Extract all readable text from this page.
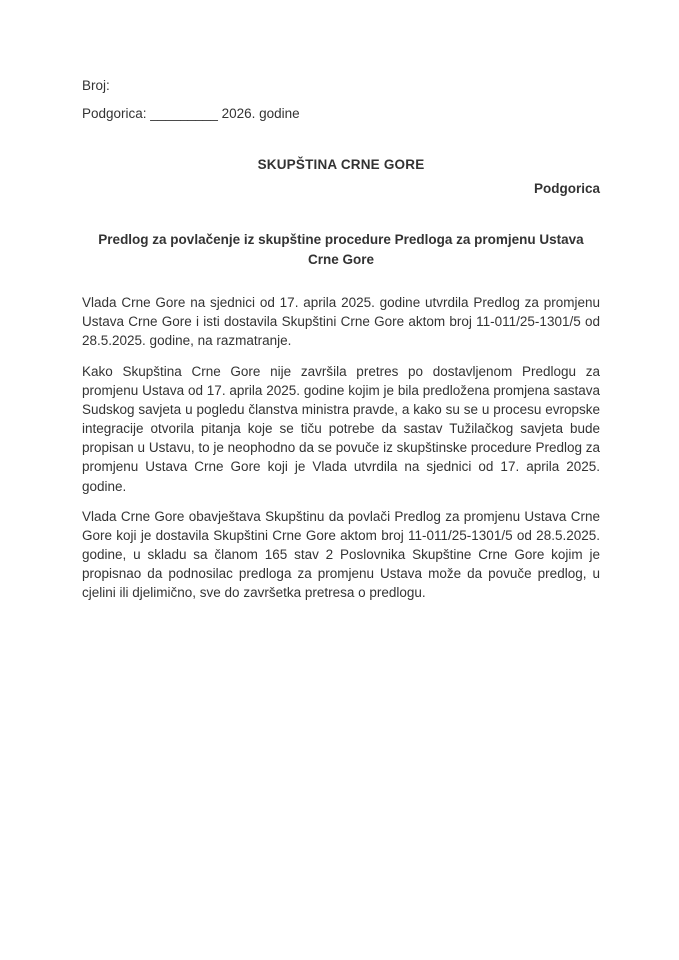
Broj:
Podgorica: _________ 2026. godine
SKUPŠTINA CRNE GORE
Podgorica
Predlog za povlačenje iz skupštine procedure Predloga za promjenu Ustava Crne Gore

Vlada Crne Gore na sjednici od 17. aprila 2025. godine utvrdila Predlog za promjenu Ustava Crne Gore i isti dostavila Skupštini Crne Gore aktom broj 11-011/25-1301/5 od 28.5.2025. godine, na razmatranje.

Kako Skupština Crne Gore nije završila pretres po dostavljenom Predlogu za promjenu Ustava od 17. aprila 2025. godine kojim je bila predložena promjena sastava Sudskog savjeta u pogledu članstva ministra pravde, a kako su se u procesu evropske integracije otvorila pitanja koje se tiču potrebe da sastav Tužilačkog savjeta bude propisan u Ustavu, to je neophodno da se povuče iz skupštinske procedure Predlog za promjenu Ustava Crne Gore koji je Vlada utvrdila na sjednici od 17. aprila 2025. godine.

Vlada Crne Gore obavještava Skupštinu da povlači Predlog za promjenu Ustava Crne Gore koji je dostavila Skupštini Crne Gore aktom broj 11-011/25-1301/5 od 28.5.2025. godine, u skladu sa članom 165 stav 2 Poslovnika Skupštine Crne Gore kojim je propisnao da podnosilac predloga za promjenu Ustava može da povuče predlog, u cjelini ili djelimično, sve do završetka pretresa o predlogu.
